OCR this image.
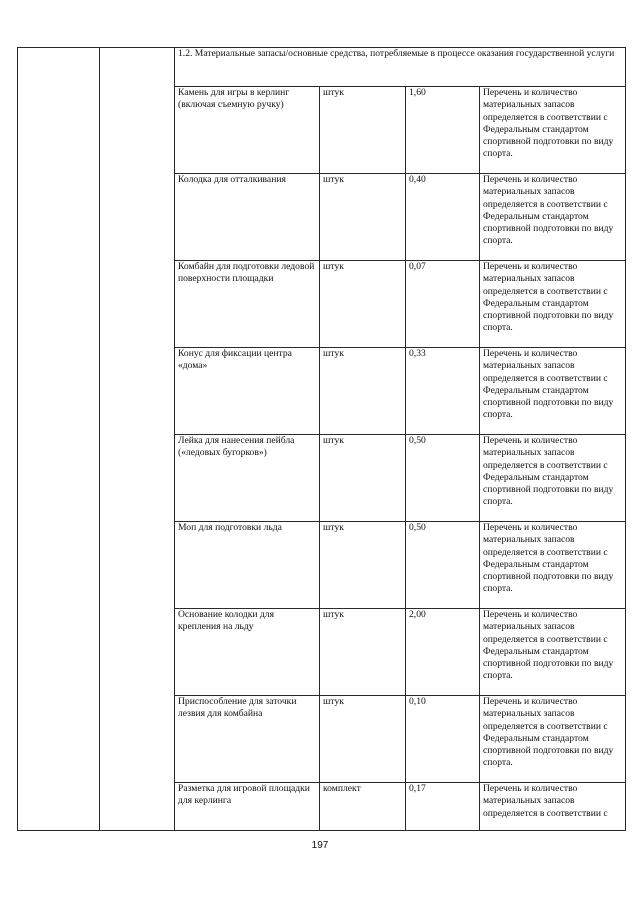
		1.2. Материальные запасы/основные средства, потребляемые в процессе оказания государственной услуги			
		Камень для игры в керлинг (включая съемную ручку)	штук	1,60	Перечень и количество материальных запасов определяется в соответствии с Федеральным стандартом спортивной подготовки по виду спорта.
		Колодка для отталкивания	штук	0,40	Перечень и количество материальных запасов определяется в соответствии с Федеральным стандартом спортивной подготовки по виду спорта.
		Комбайн для подготовки ледовой поверхности площадки	штук	0,07	Перечень и количество материальных запасов определяется в соответствии с Федеральным стандартом спортивной подготовки по виду спорта.
		Конус для фиксации центра «дома»	штук	0,33	Перечень и количество материальных запасов определяется в соответствии с Федеральным стандартом спортивной подготовки по виду спорта.
		Лейка для нанесения пейбла («ледовых бугорков»)	штук	0,50	Перечень и количество материальных запасов определяется в соответствии с Федеральным стандартом спортивной подготовки по виду спорта.
		Моп для подготовки льда	штук	0,50	Перечень и количество материальных запасов определяется в соответствии с Федеральным стандартом спортивной подготовки по виду спорта.
		Основание колодки для крепления на льду	штук	2,00	Перечень и количество материальных запасов определяется в соответствии с Федеральным стандартом спортивной подготовки по виду спорта.
		Приспособление для заточки лезвия для комбайна	штук	0,10	Перечень и количество материальных запасов определяется в соответствии с Федеральным стандартом спортивной подготовки по виду спорта.
		Разметка для игровой площадки для керлинга	комплект	0,17	Перечень и количество материальных запасов определяется в соответствии с
197
